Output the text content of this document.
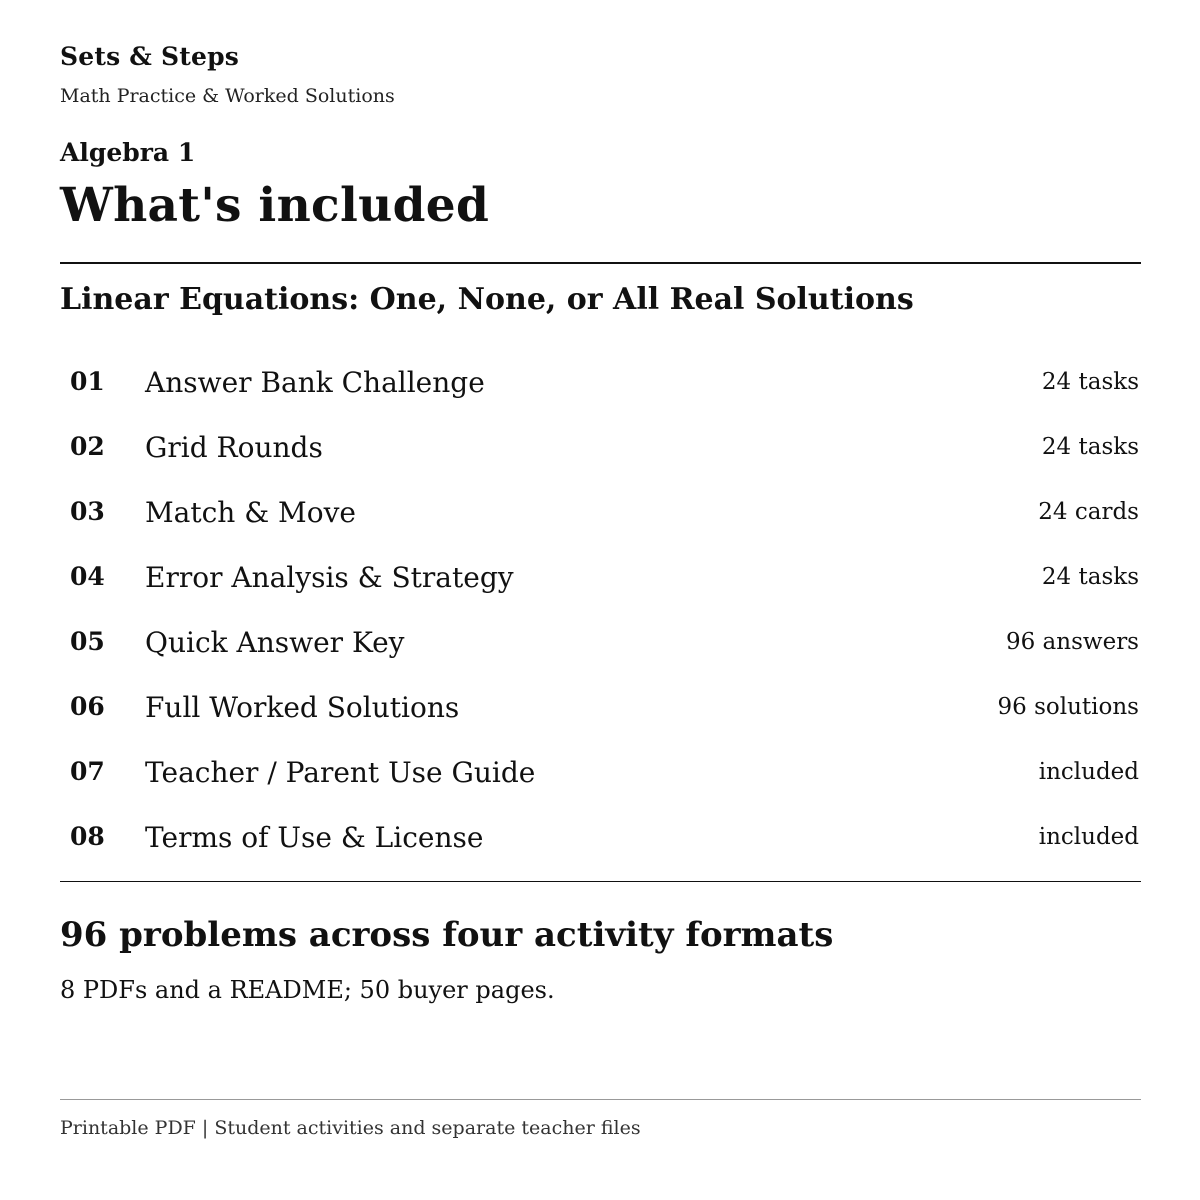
Sets & Steps
Math Practice & Worked Solutions
Algebra 1
What's included
Linear Equations: One, None, or All Real Solutions
01 Answer Bank Challenge	24 tasks
02 Grid Rounds	24 tasks
03 Match & Move	24 cards
04 Error Analysis & Strategy	24 tasks
05 Quick Answer Key	96 answers
06 Full Worked Solutions	96 solutions
07 Teacher / Parent Use Guide	included
08 Terms of Use & License	included
96 problems across four activity formats

8 PDFs and a README; 50 buyer pages.

Printable PDF | Student activities and separate teacher files
